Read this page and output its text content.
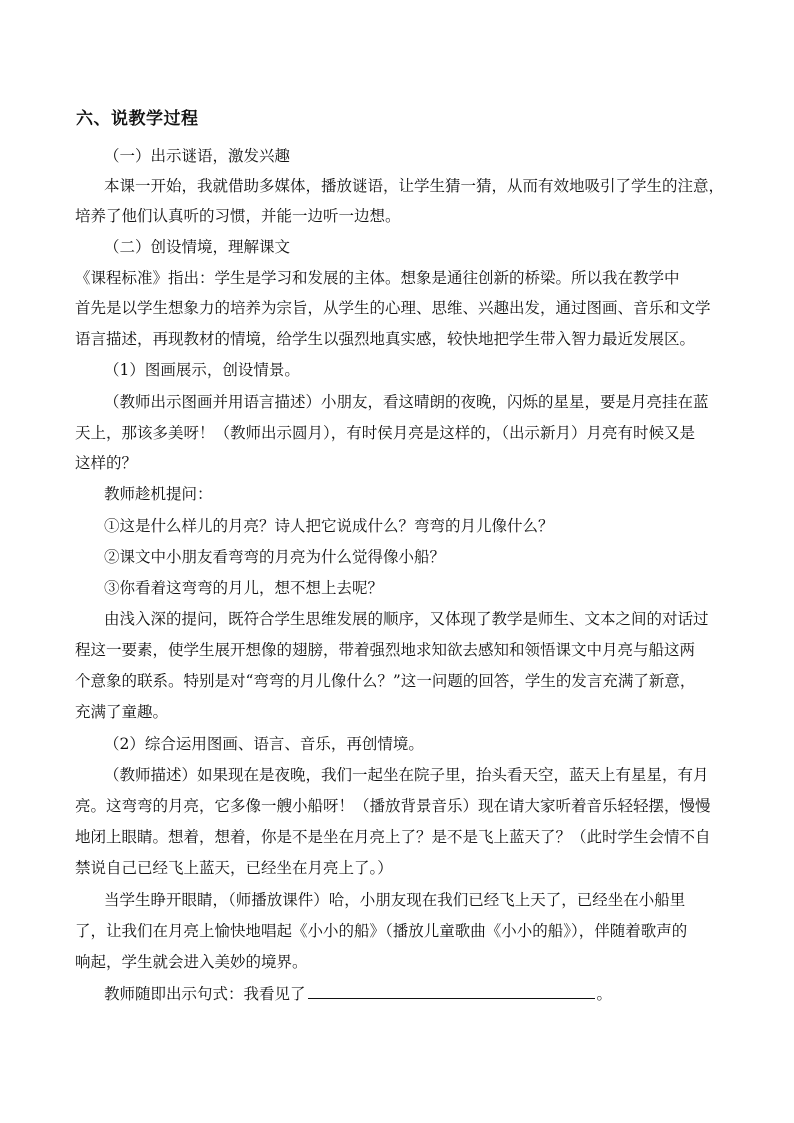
六、说教学过程
（一）出示谜语，激发兴趣
本课一开始，我就借助多媒体，播放谜语，让学生猜一猜，从而有效地吸引了学生的注意，
培养了他们认真听的习惯，并能一边听一边想。
（二）创设情境，理解课文
《课程标准》指出：学生是学习和发展的主体。想象是通往创新的桥梁。所以我在教学中
首先是以学生想象力的培养为宗旨，从学生的心理、思维、兴趣出发，通过图画、音乐和文学
语言描述，再现教材的情境，给学生以强烈地真实感，较快地把学生带入智力最近发展区。
（1）图画展示，创设情景。
（教师出示图画并用语言描述）小朋友，看这晴朗的夜晚，闪烁的星星，要是月亮挂在蓝
天上，那该多美呀！（教师出示圆月），有时侯月亮是这样的，（出示新月）月亮有时候又是
这样的？
教师趁机提问：
①这是什么样儿的月亮？诗人把它说成什么？弯弯的月儿像什么？
②课文中小朋友看弯弯的月亮为什么觉得像小船？
③你看着这弯弯的月儿，想不想上去呢？
由浅入深的提问，既符合学生思维发展的顺序，又体现了教学是师生、文本之间的对话过
程这一要素，使学生展开想像的翅膀，带着强烈地求知欲去感知和领悟课文中月亮与船这两
个意象的联系。特别是对“弯弯的月儿像什么？”这一问题的回答，学生的发言充满了新意，
充满了童趣。
（2）综合运用图画、语言、音乐，再创情境。
（教师描述）如果现在是夜晚，我们一起坐在院子里，抬头看天空，蓝天上有星星，有月
亮。这弯弯的月亮，它多像一艘小船呀！（播放背景音乐）现在请大家听着音乐轻轻摆，慢慢
地闭上眼睛。想着，想着，你是不是坐在月亮上了？是不是飞上蓝天了？（此时学生会情不自
禁说自己已经飞上蓝天，已经坐在月亮上了。）
当学生睁开眼睛，（师播放课件）哈，小朋友现在我们已经飞上天了，已经坐在小船里
了，让我们在月亮上愉快地唱起《小小的船》（播放儿童歌曲《小小的船》），伴随着歌声的
响起，学生就会进入美妙的境界。
教师随即出示句式：我看见了	。
